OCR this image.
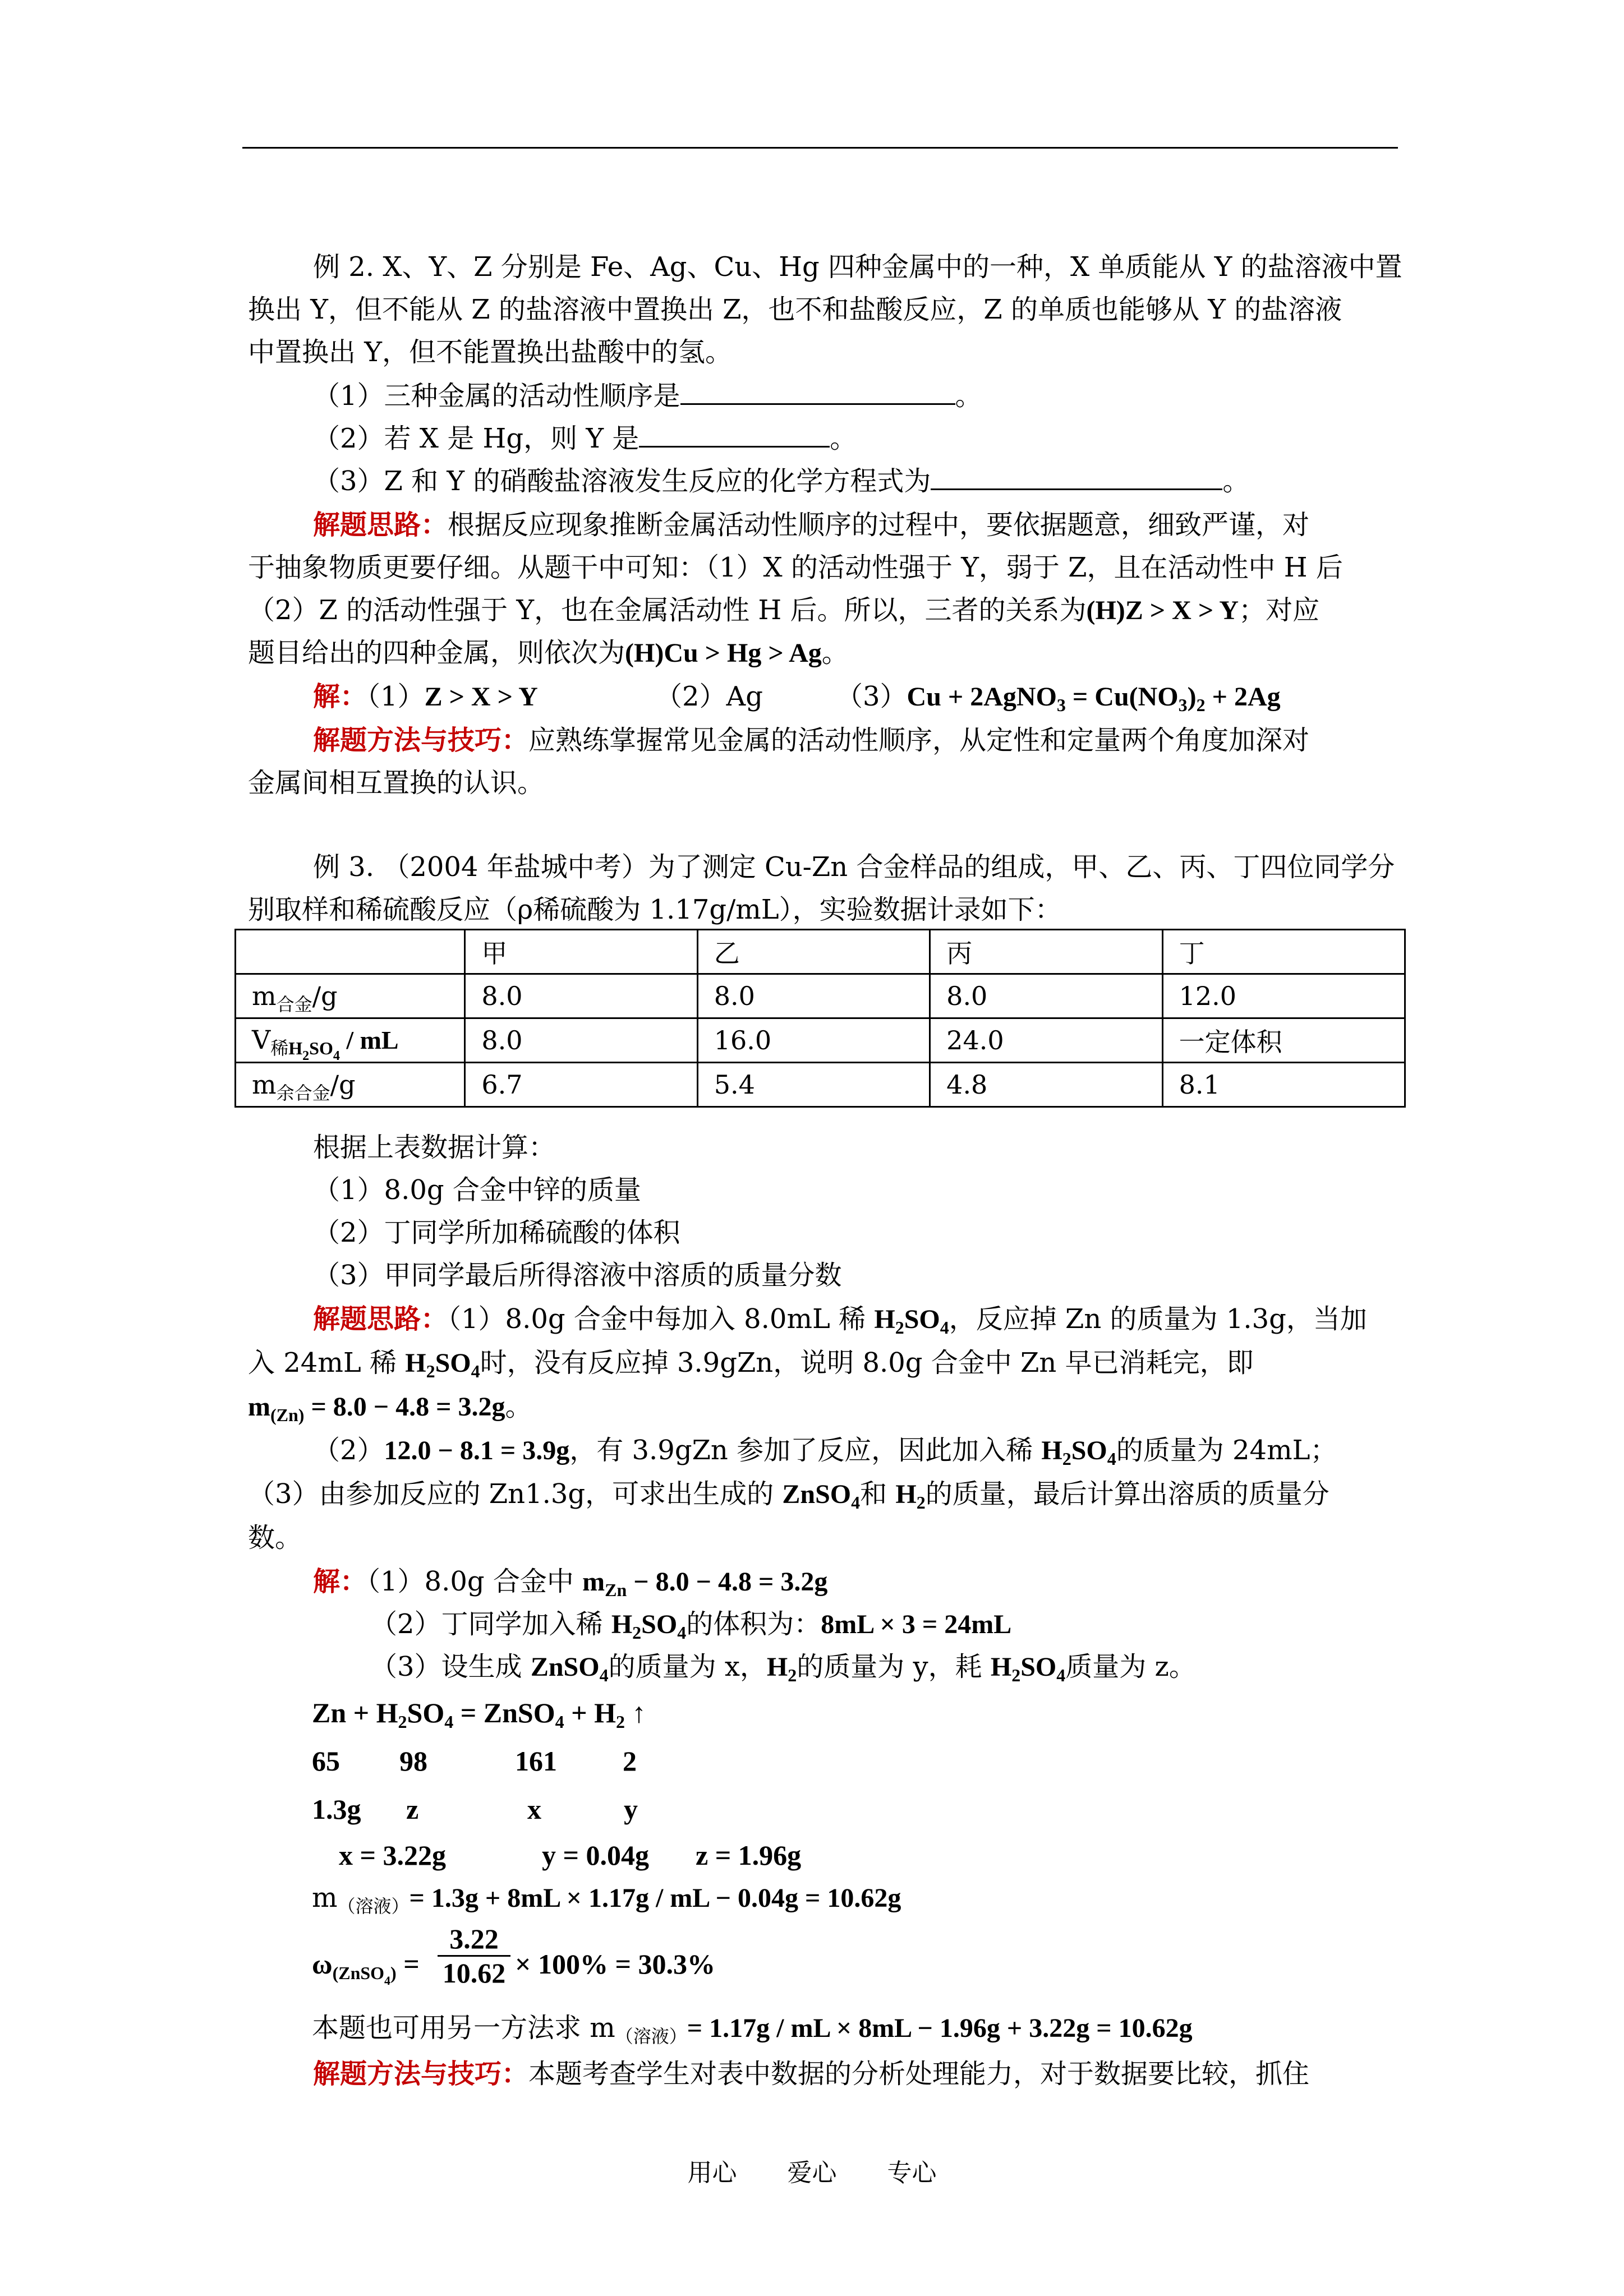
例 2. X、Y、Z 分别是 Fe、Ag、Cu、Hg 四种金属中的一种，X 单质能从 Y 的盐溶液中置
换出 Y，但不能从 Z 的盐溶液中置换出 Z，也不和盐酸反应，Z 的单质也能够从 Y 的盐溶液
中置换出 Y，但不能置换出盐酸中的氢。
（1）三种金属的活动性顺序是	。
（2）若 X 是 Hg，则 Y 是	。
（3）Z 和 Y 的硝酸盐溶液发生反应的化学方程式为	。
解题思路：根据反应现象推断金属活动性顺序的过程中，要依据题意，细致严谨，对
于抽象物质更要仔细。从题干中可知：（1）X 的活动性强于 Y，弱于 Z，且在活动性中 H 后
（2）Z 的活动性强于 Y，也在金属活动性 H 后。所以，三者的关系为(H)Z > X > Y；对应
题目给出的四种金属，则依次为(H)Cu > Hg > Ag。
解：（1）Z > X > Y	（2）Ag	（3）Cu + 2AgNO$_3$ = $Cu(NO_3)_2 + 2Ag$
解题方法与技巧：应熟练掌握常见金属的活动性顺序，从定性和定量两个角度加深对
金属间相互置换的认识。
例 3. （2004 年盐城中考）为了测定 Cu-Zn 合金样品的组成，甲、乙、丙、丁四位同学分
别取样和稀硫酸反应（ρ稀硫酸为 1.17g/mL），实验数据计录如下：
	甲	乙	丙	丁
$m_{合金}/g$	8.0	8.0	8.0	12.0
$V_{稀H_2SO_4}$ / mL	8.0	16.0	24.0	一定体积
$m_{余合金}/g$	6.7	5.4	4.8	8.1
根据上表数据计算：
（1）8.0g 合金中锌的质量
（2）丁同学所加稀硫酸的体积
（3）甲同学最后所得溶液中溶质的质量分数
解题思路：（1）8.0g 合金中每加入 8.0mL 稀 $H_2SO_4$，反应掉 Zn 的质量为 1.3g，当加
入 24mL 稀 $H_2SO_4$时，没有反应掉 3.9gZn，说明 8.0g 合金中 Zn 早已消耗完，即
$m_{(Zn)} = 8.0 - 4.8 = 3.2g$。
（2）12.0 − 8.1 = 3.9g，有 3.9gZn 参加了反应，因此加入稀 $H_2SO_4$的质量为 24mL；
（3）由参加反应的 Zn1.3g，可求出生成的 ZnSO$_4$和 $H_2$的质量，最后计算出溶质的质量分
数。
解：（1）8.0g 合金中 $m_{Zn} - 8.0 - 4.8 = 3.2g$
（2）丁同学加入稀 $H_2SO_4$的体积为：8mL × 3 = 24mL
（3）设生成 ZnSO$_4$的质量为 x，$H_2$的质量为 y，耗 $H_2SO_4$质量为 z。
$Zn + H_2SO_4$ = ZnSO$_4$ + $H_2$ ↑
65 98	161 2
1.3g z	x	y
x = 3.22g	y = 0.04g z = 1.96g
$m_{(溶液)}= 1.3g + 8mL \times 1.17g$ / mL − 0.04g = 10.62g
$\omega_{(ZnSO_4)}$ =
3.22
10.62 × 100% = 30.3%
本题也可用另一方法求 $m_{(溶液)}= 1.17g$ / mL × 8mL − 1.96g + 3.22g = 10.62g
解题方法与技巧：本题考查学生对表中数据的分析处理能力，对于数据要比较，抓住
用心 爱心 专心
